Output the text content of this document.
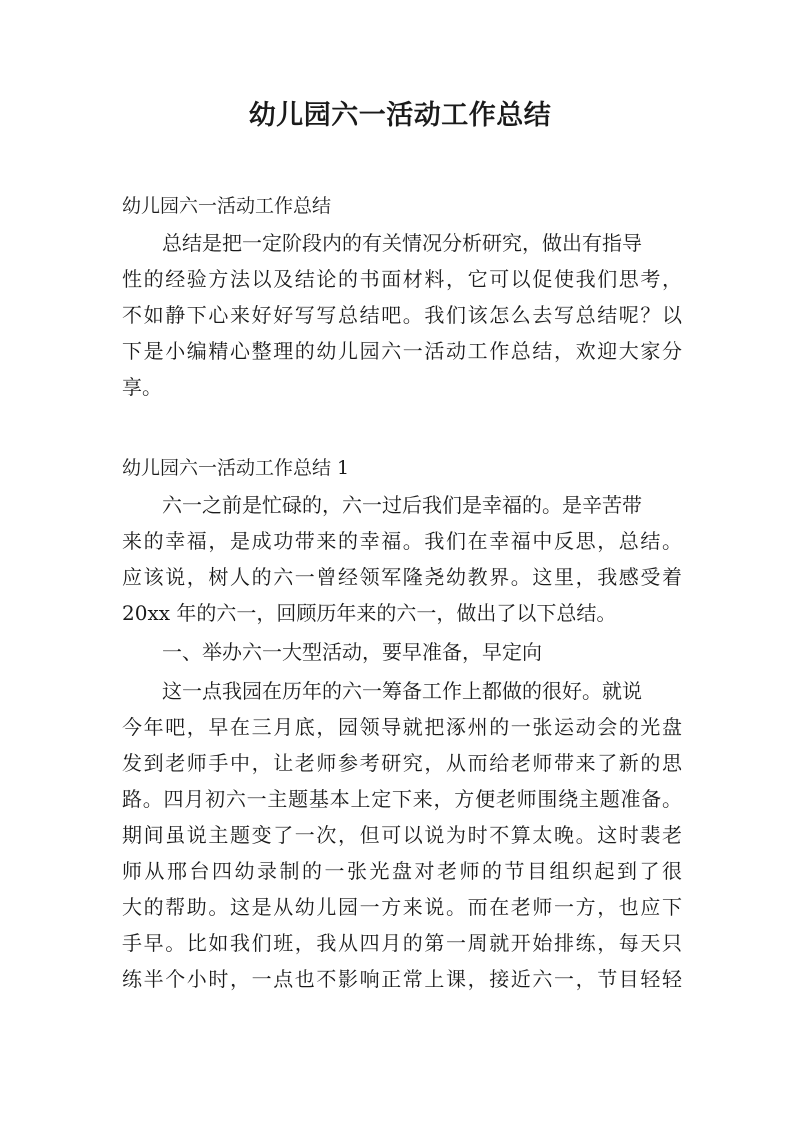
幼儿园六一活动工作总结

幼儿园六一活动工作总结

总结是把一定阶段内的有关情况分析研究，做出有指导

性的经验方法以及结论的书面材料，它可以促使我们思考，

不如静下心来好好写写总结吧。我们该怎么去写总结呢？以

下是小编精心整理的幼儿园六一活动工作总结，欢迎大家分

享。

幼儿园六一活动工作总结 1

六一之前是忙碌的，六一过后我们是幸福的。是辛苦带

来的幸福，是成功带来的幸福。我们在幸福中反思，总结。

应该说，树人的六一曾经领军隆尧幼教界。这里，我感受着

20xx 年的六一，回顾历年来的六一，做出了以下总结。

一、举办六一大型活动，要早准备，早定向

这一点我园在历年的六一筹备工作上都做的很好。就说

今年吧，早在三月底，园领导就把涿州的一张运动会的光盘

发到老师手中，让老师参考研究，从而给老师带来了新的思

路。四月初六一主题基本上定下来，方便老师围绕主题准备。

期间虽说主题变了一次，但可以说为时不算太晚。这时裴老

师从邢台四幼录制的一张光盘对老师的节目组织起到了很

大的帮助。这是从幼儿园一方来说。而在老师一方，也应下

手早。比如我们班，我从四月的第一周就开始排练，每天只

练半个小时，一点也不影响正常上课，接近六一，节目轻轻
